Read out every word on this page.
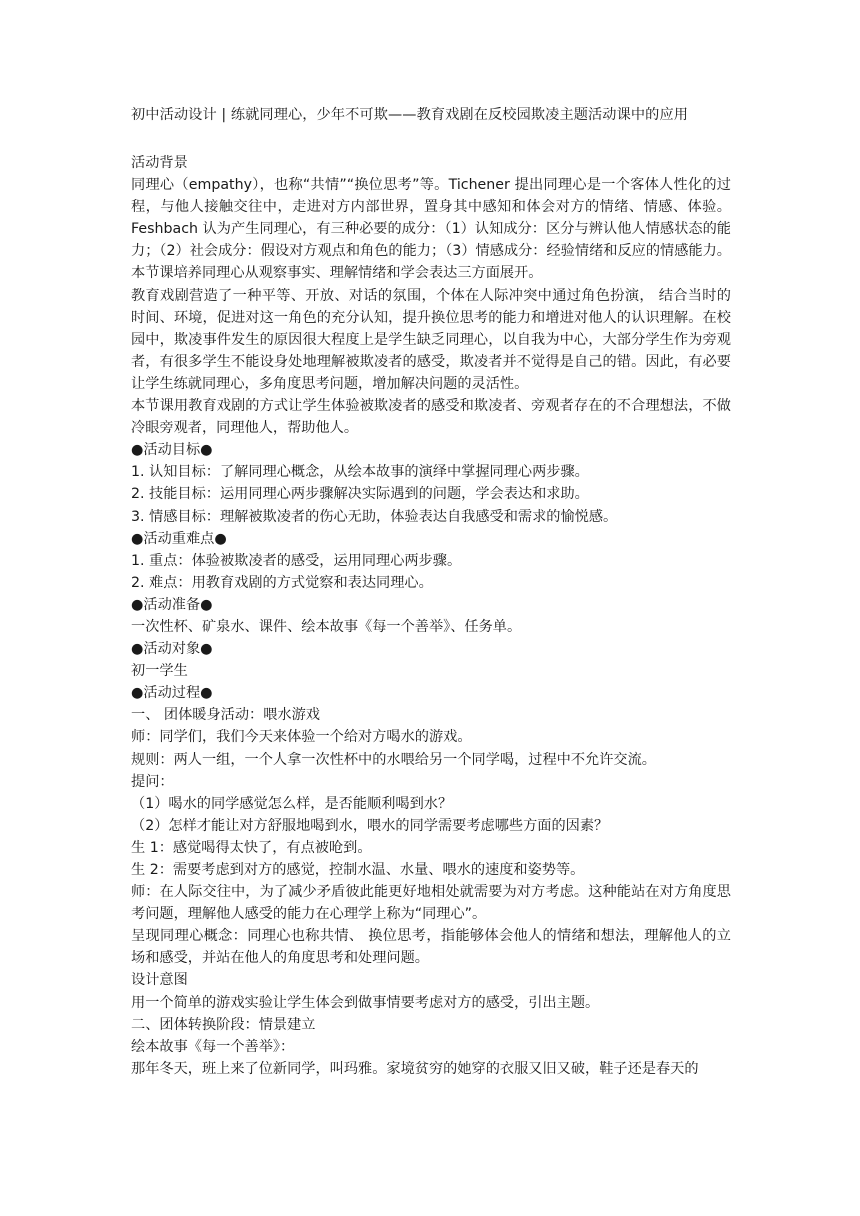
初中活动设计 | 练就同理心，少年不可欺——教育戏剧在反校园欺凌主题活动课中的应用
活动背景
同理心（empathy），也称“共情”“换位思考”等。Tichener 提出同理心是一个客体人性化的过程，与他人接触交往中，走进对方内部世界，置身其中感知和体会对方的情绪、情感、体验。Feshbach 认为产生同理心，有三种必要的成分：（1）认知成分：区分与辨认他人情感状态的能力；（2）社会成分：假设对方观点和角色的能力；（3）情感成分：经验情绪和反应的情感能力。本节课培养同理心从观察事实、理解情绪和学会表达三方面展开。
教育戏剧营造了一种平等、开放、对话的氛围，个体在人际冲突中通过角色扮演， 结合当时的时间、环境，促进对这一角色的充分认知，提升换位思考的能力和增进对他人的认识理解。在校园中，欺凌事件发生的原因很大程度上是学生缺乏同理心，以自我为中心，大部分学生作为旁观者，有很多学生不能设身处地理解被欺凌者的感受，欺凌者并不觉得是自己的错。因此，有必要让学生练就同理心，多角度思考问题，增加解决问题的灵活性。
本节课用教育戏剧的方式让学生体验被欺凌者的感受和欺凌者、旁观者存在的不合理想法，不做冷眼旁观者，同理他人，帮助他人。
●活动目标●
1. 认知目标：了解同理心概念，从绘本故事的演绎中掌握同理心两步骤。
2. 技能目标：运用同理心两步骤解决实际遇到的问题，学会表达和求助。
3. 情感目标：理解被欺凌者的伤心无助，体验表达自我感受和需求的愉悦感。
●活动重难点●
1. 重点：体验被欺凌者的感受，运用同理心两步骤。
2. 难点：用教育戏剧的方式觉察和表达同理心。
●活动准备●
一次性杯、矿泉水、课件、绘本故事《每一个善举》、任务单。
●活动对象●
初一学生
●活动过程●
一、 团体暖身活动：喂水游戏
师：同学们，我们今天来体验一个给对方喝水的游戏。
规则：两人一组，一个人拿一次性杯中的水喂给另一个同学喝，过程中不允许交流。
提问：
（1）喝水的同学感觉怎么样，是否能顺利喝到水？
（2）怎样才能让对方舒服地喝到水，喂水的同学需要考虑哪些方面的因素？
生 1：感觉喝得太快了，有点被呛到。
生 2：需要考虑到对方的感觉，控制水温、水量、喂水的速度和姿势等。
师：在人际交往中，为了减少矛盾彼此能更好地相处就需要为对方考虑。这种能站在对方角度思考问题，理解他人感受的能力在心理学上称为“同理心”。
呈现同理心概念：同理心也称共情、 换位思考，指能够体会他人的情绪和想法，理解他人的立场和感受，并站在他人的角度思考和处理问题。
设计意图
用一个简单的游戏实验让学生体会到做事情要考虑对方的感受，引出主题。
二、团体转换阶段：情景建立
绘本故事《每一个善举》：
那年冬天，班上来了位新同学，叫玛雅。家境贫穷的她穿的衣服又旧又破，鞋子还是春天的
